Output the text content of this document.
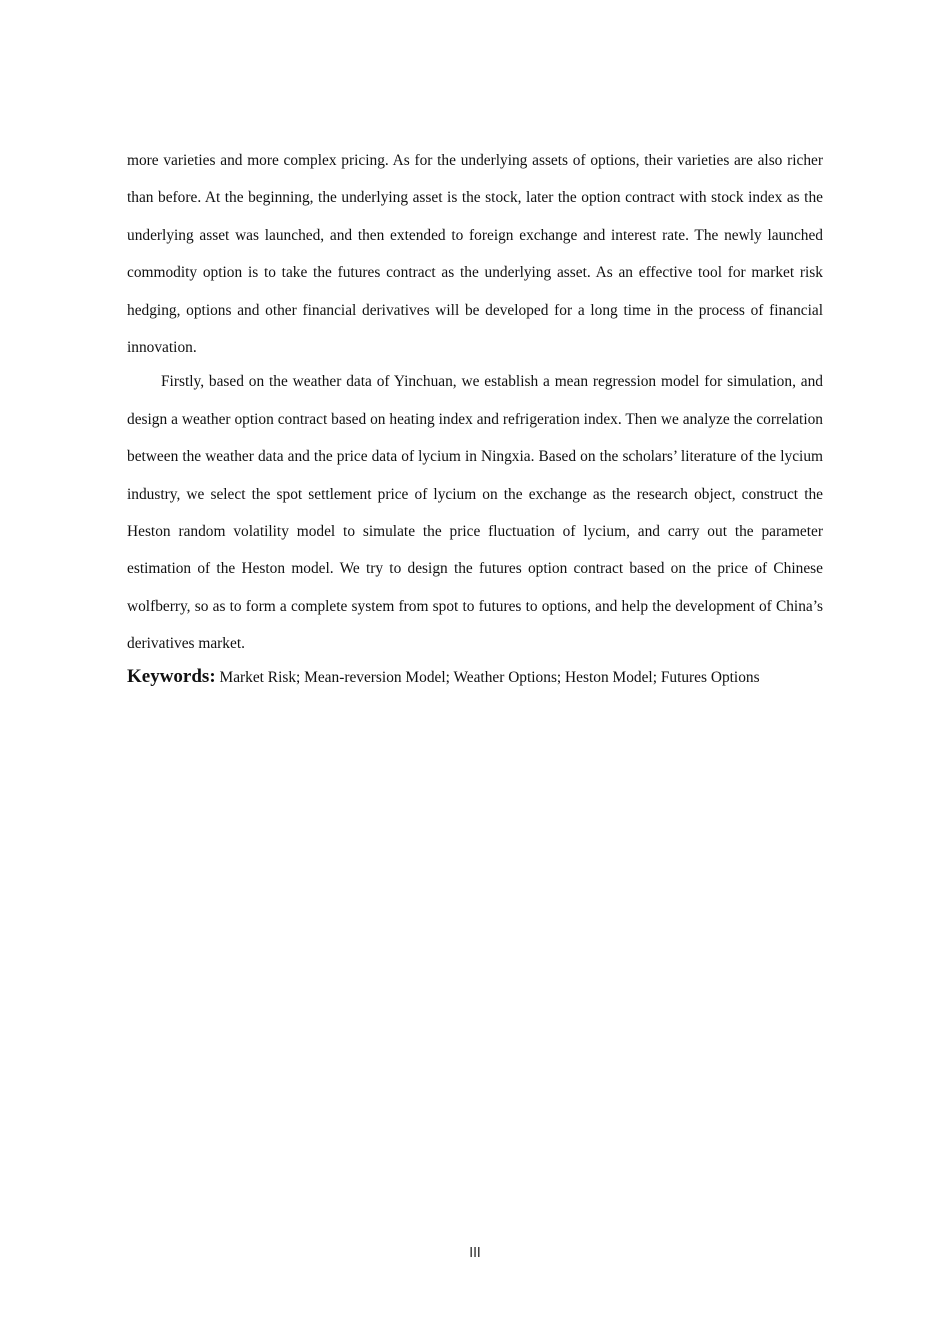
more varieties and more complex pricing. As for the underlying assets of options, their varieties are also richer than before. At the beginning, the underlying asset is the stock, later the option contract with stock index as the underlying asset was launched, and then extended to foreign exchange and interest rate. The newly launched commodity option is to take the futures contract as the underlying asset. As an effective tool for market risk hedging, options and other financial derivatives will be developed for a long time in the process of financial innovation.

Firstly, based on the weather data of Yinchuan, we establish a mean regression model for simulation, and design a weather option contract based on heating index and refrigeration index. Then we analyze the correlation between the weather data and the price data of lycium in Ningxia. Based on the scholars’ literature of the lycium industry, we select the spot settlement price of lycium on the exchange as the research object, construct the Heston random volatility model to simulate the price fluctuation of lycium, and carry out the parameter estimation of the Heston model. We try to design the futures option contract based on the price of Chinese wolfberry, so as to form a complete system from spot to futures to options, and help the development of China’s derivatives market.

Keywords: Market Risk; Mean-reversion Model; Weather Options; Heston Model; Futures Options

III
